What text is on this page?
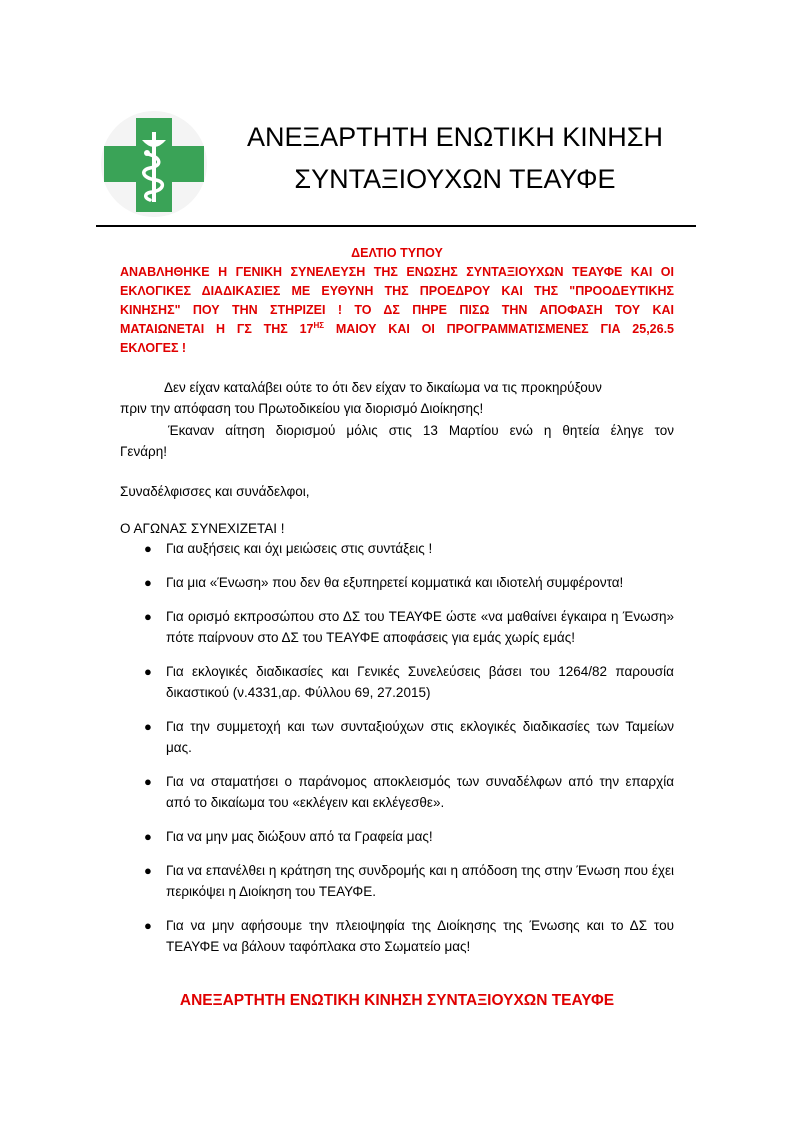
ΑΝΕΞΑΡΤΗΤΗ ΕΝΩΤΙΚΗ ΚΙΝΗΣΗ
ΣΥΝΤΑΞΙΟΥΧΩΝ ΤΕΑΥΦΕ
ΔΕΛΤΙΟ ΤΥΠΟΥ
ΑΝΑΒΛΗΘΗΚΕ Η ΓΕΝΙΚΗ ΣΥΝΕΛΕΥΣΗ ΤΗΣ ΕΝΩΣΗΣ ΣΥΝΤΑΞΙΟΥΧΩΝ ΤΕΑΥΦΕ ΚΑΙ ΟΙ
ΕΚΛΟΓΙΚΕΣ ΔΙΑΔΙΚΑΣΙΕΣ ΜΕ ΕΥΘΥΝΗ ΤΗΣ ΠΡΟΕΔΡΟΥ ΚΑΙ ΤΗΣ "ΠΡΟΟΔΕΥΤΙΚΗΣ
ΚΙΝΗΣΗΣ" ΠΟΥ ΤΗΝ ΣΤΗΡΙΖΕΙ ! ΤΟ ΔΣ ΠΗΡΕ ΠΙΣΩ ΤΗΝ ΑΠΟΦΑΣΗ ΤΟΥ ΚΑΙ
ΜΑΤΑΙΩΝΕΤΑΙ Η ΓΣ ΤΗΣ $17^{H\Sigma}$ ΜΑΙΟΥ ΚΑΙ ΟΙ ΠΡΟΓΡΑΜΜΑΤΙΣΜΕΝΕΣ ΓΙΑ 25,26.5
ΕΚΛΟΓΕΣ !
Δεν είχαν καταλάβει ούτε το ότι δεν είχαν το δικαίωμα να τις προκηρύξουν
πριν την απόφαση του Πρωτοδικείου για διορισμό Διοίκησης!
Έκαναν αίτηση διορισμού μόλις στις 13 Μαρτίου ενώ η θητεία έληγε τον
Γενάρη!
Συναδέλφισσες και συνάδελφοι,
Ο ΑΓΩΝΑΣ ΣΥΝΕΧΙΖΕΤΑΙ !
● Για αυξήσεις και όχι μειώσεις στις συντάξεις !
● Για μια «Ένωση» που δεν θα εξυπηρετεί κομματικά και ιδιοτελή συμφέροντα!
● Για ορισμό εκπροσώπου στο ΔΣ του ΤΕΑΥΦΕ ώστε «να μαθαίνει έγκαιρα η Ένωση» πότε παίρνουν στο ΔΣ του ΤΕΑΥΦΕ αποφάσεις για εμάς χωρίς εμάς!
● Για εκλογικές διαδικασίες και Γενικές Συνελεύσεις βάσει του 1264/82 παρουσία δικαστικού (ν.4331,αρ. Φύλλου 69, 27.2015)
● Για την συμμετοχή και των συνταξιούχων στις εκλογικές διαδικασίες των Ταμείων μας.
● Για να σταματήσει ο παράνομος αποκλεισμός των συναδέλφων από την επαρχία από το δικαίωμα του «εκλέγειν και εκλέγεσθε».
● Για να μην μας διώξουν από τα Γραφεία μας!
● Για να επανέλθει η κράτηση της συνδρομής και η απόδοση της στην Ένωση που έχει περικόψει η Διοίκηση του ΤΕΑΥΦΕ.
● Για να μην αφήσουμε την πλειοψηφία της Διοίκησης της Ένωσης και το ΔΣ του ΤΕΑΥΦΕ να βάλουν ταφόπλακα στο Σωματείο μας!
ΑΝΕΞΑΡΤΗΤΗ ΕΝΩΤΙΚΗ ΚΙΝΗΣΗ ΣΥΝΤΑΞΙΟΥΧΩΝ ΤΕΑΥΦΕ
